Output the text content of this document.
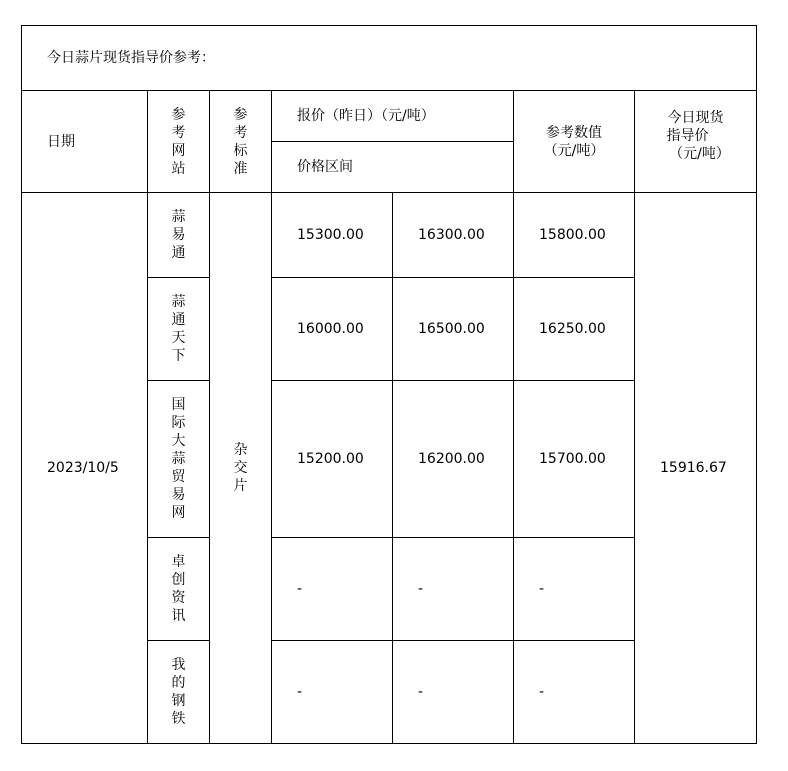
今日蒜片现货指导价参考：						
日期	参考网站	参考标准	报价（昨日）（元/吨）		参考数值（元/吨）	今日现货
指导价
（元/吨）

			价格区间			
2023/10/5	蒜易通	杂交片	15300.00	16300.00	15800.00	15916.67

	蒜通天下		16000.00	16500.00	16250.00	

	国际大蒜贸易网		15200.00	16200.00	15700.00	

	卓创资讯		-	-	-	

	我的钢铁		-	-	-	
